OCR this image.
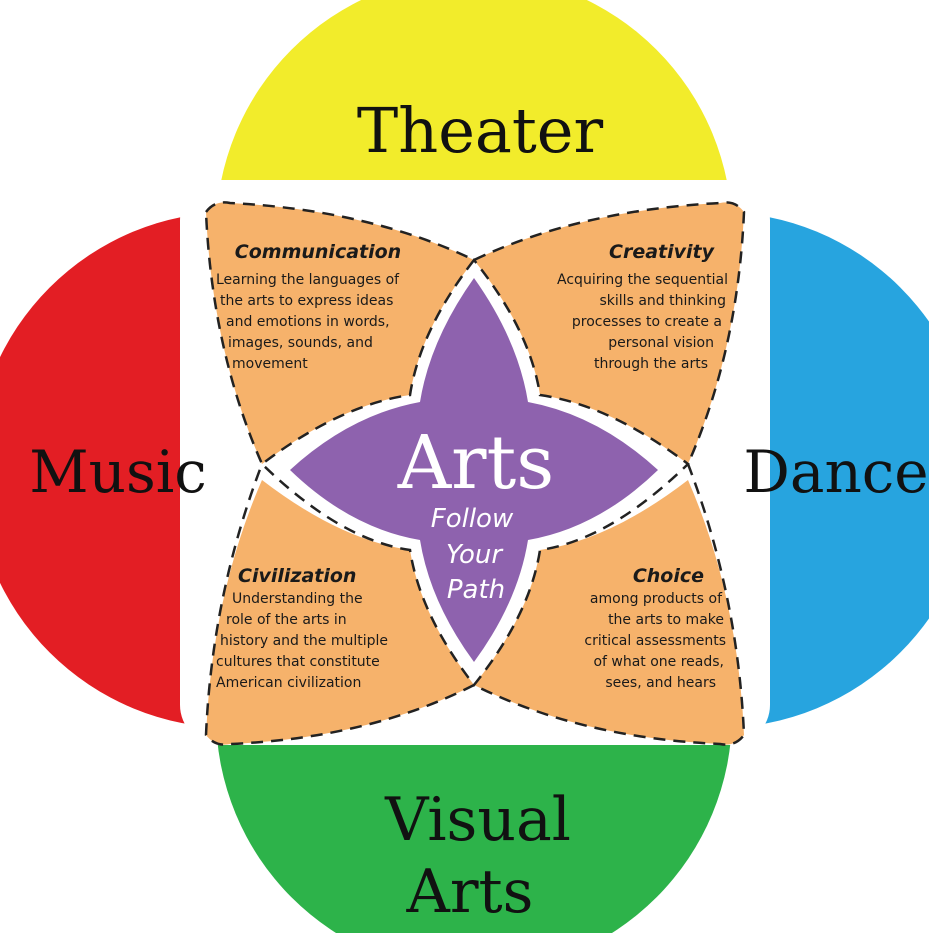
Theater
Music	Dance
Visual
Arts
Arts
Follow
Your
Path
Communication
Learning the languages of
the arts to express ideas
and emotions in words,
images, sounds, and
movement
Creativity
Acquiring the sequential
skills and thinking
processes to create a
personal vision
through the arts
Civilization
Understanding the
role of the arts in
history and the multiple
cultures that constitute
American civilization
Choice
among products of
the arts to make
critical assessments
of what one reads,
sees, and hears
